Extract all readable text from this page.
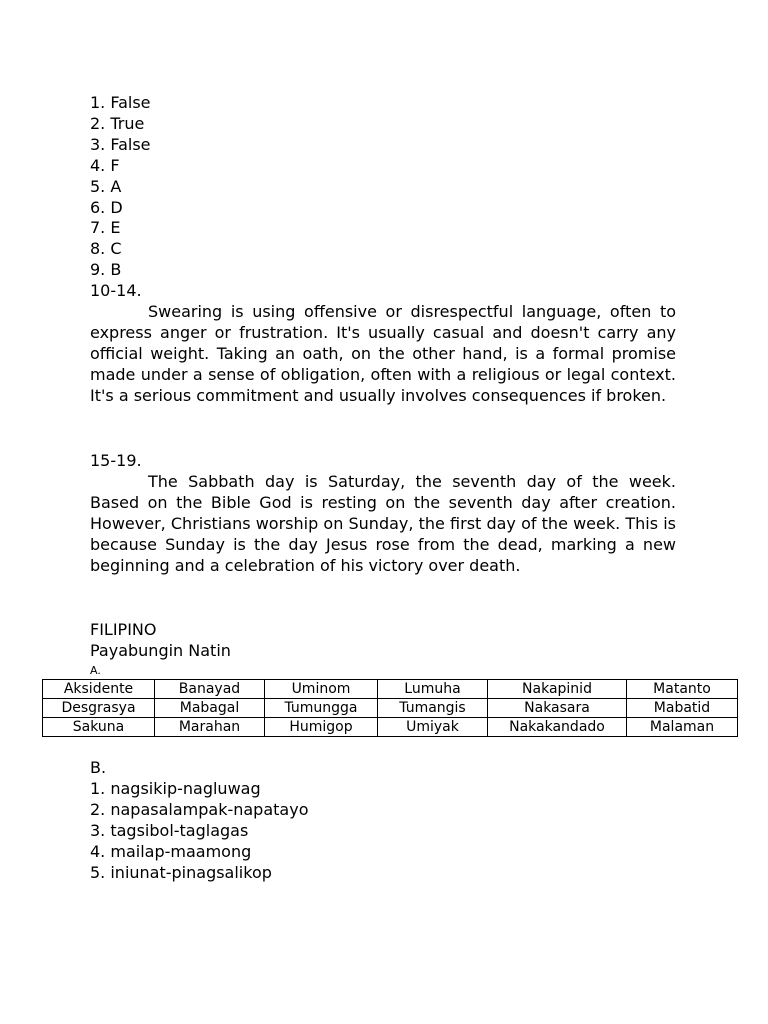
1. False
2. True
3. False
4. F
5. A
6. D
7. E
8. C
9. B
10-14.
Swearing is using offensive or disrespectful language, often to express anger or frustration. It's usually casual and doesn't carry any official weight. Taking an oath, on the other hand, is a formal promise made under a sense of obligation, often with a religious or legal context. It's a serious commitment and usually involves consequences if broken.
15-19.
The Sabbath day is Saturday, the seventh day of the week. Based on the Bible God is resting on the seventh day after creation. However, Christians worship on Sunday, the first day of the week. This is because Sunday is the day Jesus rose from the dead, marking a new beginning and a celebration of his victory over death.
FILIPINO
Payabungin Natin
A.
Aksidente	Banayad	Uminom	Lumuha	Nakapinid	Matanto
Desgrasya	Mabagal	Tumungga	Tumangis	Nakasara	Mabatid
Sakuna	Marahan	Humigop	Umiyak	Nakakandado	Malaman
B.
1. nagsikip-nagluwag
2. napasalampak-napatayo
3. tagsibol-taglagas
4. mailap-maamong
5. iniunat-pinagsalikop
